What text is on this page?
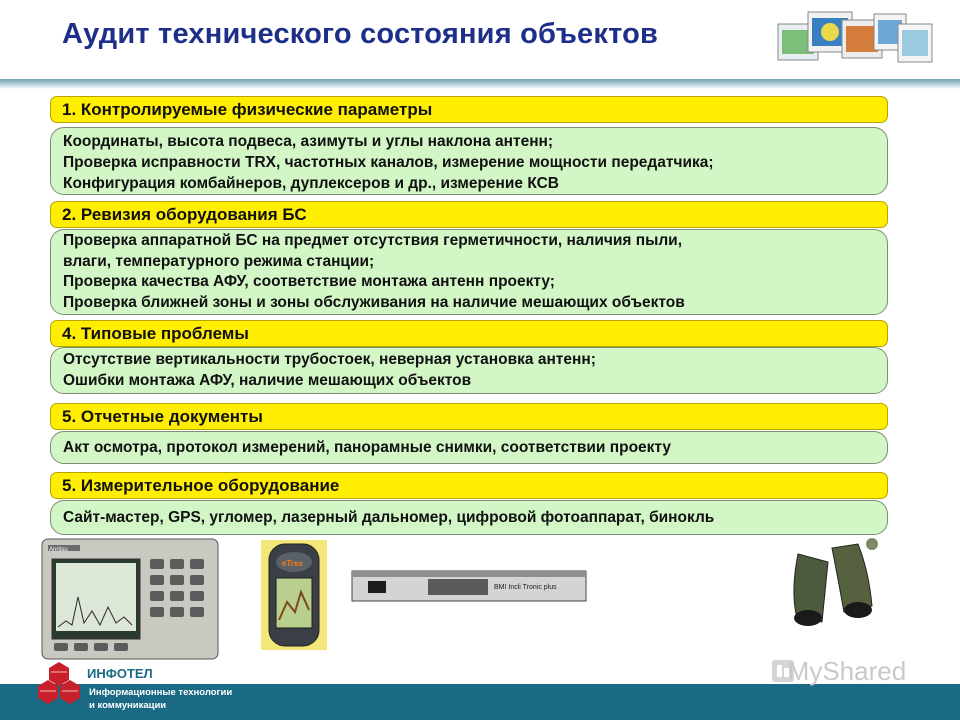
Аудит технического состояния объектов
1. Контролируемые физические параметры
Координаты, высота подвеса, азимуты и углы наклона антенн;
Проверка исправности TRX, частотных каналов, измерение мощности передатчика;
Конфигурация комбайнеров, дуплексеров и др., измерение КСВ
2. Ревизия оборудования БС
Проверка аппаратной БС на предмет отсутствия герметичности, наличия пыли,
влаги, температурного режима станции;
Проверка качества АФУ, соответствие монтажа антенн проекту;
Проверка ближней зоны и зоны обслуживания на наличие мешающих объектов
4. Типовые проблемы
Отсутствие вертикальности трубостоек, неверная установка антенн;
Ошибки монтажа АФУ, наличие мешающих объектов
5. Отчетные документы
Акт осмотра, протокол измерений, панорамные снимки, соответствии проекту
5. Измерительное оборудование
Сайт-мастер, GPS, угломер, лазерный дальномер, цифровой фотоаппарат, бинокль
Anritsu
eTrex
BMI Incli Tronic plus
ИНФОТЕЛ
Информационные технологии
и коммуникации
MyShared
